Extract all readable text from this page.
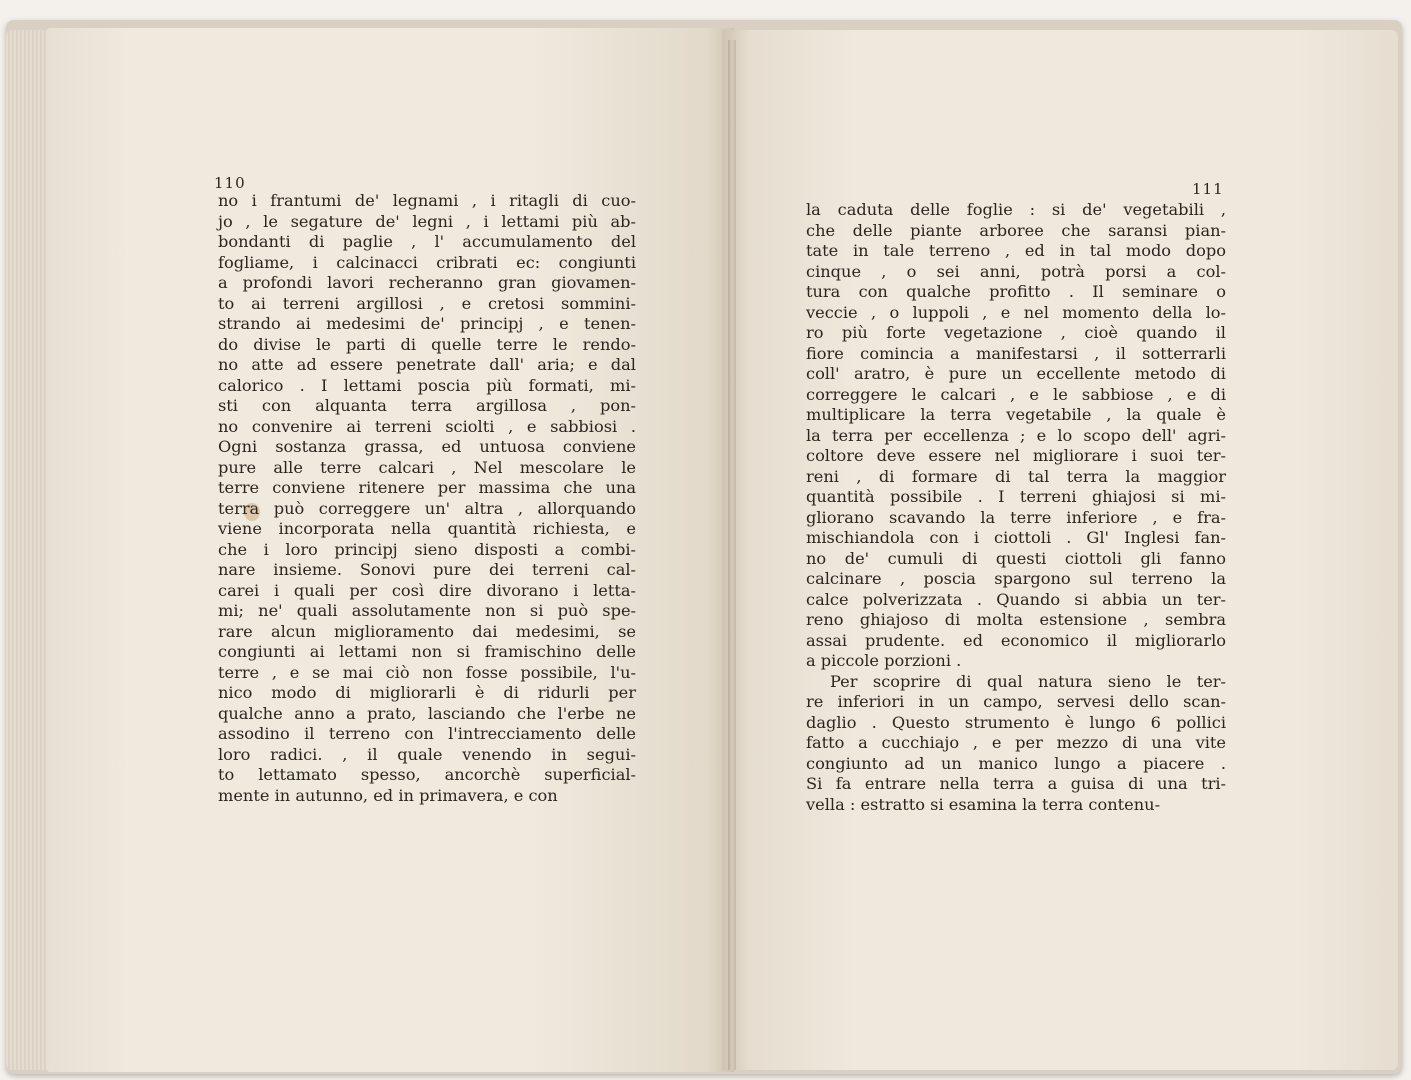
110
no i frantumi de' legnami , i ritagli di cuo-
jo , le segature de' legni , i lettami più ab-
bondanti di paglie , l' accumulamento del
fogliame, i calcinacci cribrati ec: congiunti
a profondi lavori recheranno gran giovamen-
to ai terreni argillosi , e cretosi sommini-
strando ai medesimi de' principj , e tenen-
do divise le parti di quelle terre le rendo-
no atte ad essere penetrate dall' aria; e dal
calorico . I lettami poscia più formati, mi-
sti con alquanta terra argillosa , pon-
no convenire ai terreni sciolti , e sabbiosi .
Ogni sostanza grassa, ed untuosa conviene
pure alle terre calcari , Nel mescolare le
terre conviene ritenere per massima che una
terra può correggere un' altra , allorquando
viene incorporata nella quantità richiesta, e
che i loro principj sieno disposti a combi-
nare insieme. Sonovi pure dei terreni cal-
carei i quali per così dire divorano i letta-
mi; ne' quali assolutamente non si può spe-
rare alcun miglioramento dai medesimi, se
congiunti ai lettami non si framischino delle
terre , e se mai ciò non fosse possibile, l'u-
nico modo di migliorarli è di ridurli per
qualche anno a prato, lasciando che l'erbe ne
assodino il terreno con l'intrecciamento delle
loro radici. , il quale venendo in segui-
to lettamato spesso, ancorchè superficial-
mente in autunno, ed in primavera, e con
111
la caduta delle foglie : si de' vegetabili ,
che delle piante arboree che saransi pian-
tate in tale terreno , ed in tal modo dopo
cinque , o sei anni, potrà porsi a col-
tura con qualche profitto . Il seminare o
veccie , o luppoli , e nel momento della lo-
ro più forte vegetazione , cioè quando il
fiore comincia a manifestarsi , il sotterrarli
coll' aratro, è pure un eccellente metodo di
correggere le calcari , e le sabbiose , e di
multiplicare la terra vegetabile , la quale è
la terra per eccellenza ; e lo scopo dell' agri-
coltore deve essere nel migliorare i suoi ter-
reni , di formare di tal terra la maggior
quantità possibile . I terreni ghiajosi si mi-
gliorano scavando la terre inferiore , e fra-
mischiandola con i ciottoli . Gl' Inglesi fan-
no de' cumuli di questi ciottoli gli fanno
calcinare , poscia spargono sul terreno la
calce polverizzata . Quando si abbia un ter-
reno ghiajoso di molta estensione , sembra
assai prudente. ed economico il migliorarlo
a piccole porzioni .
Per scoprire di qual natura sieno le ter-
re inferiori in un campo, servesi dello scan-
daglio . Questo strumento è lungo 6 pollici
fatto a cucchiajo , e per mezzo di una vite
congiunto ad un manico lungo a piacere .
Si fa entrare nella terra a guisa di una tri-
vella : estratto si esamina la terra contenu-
